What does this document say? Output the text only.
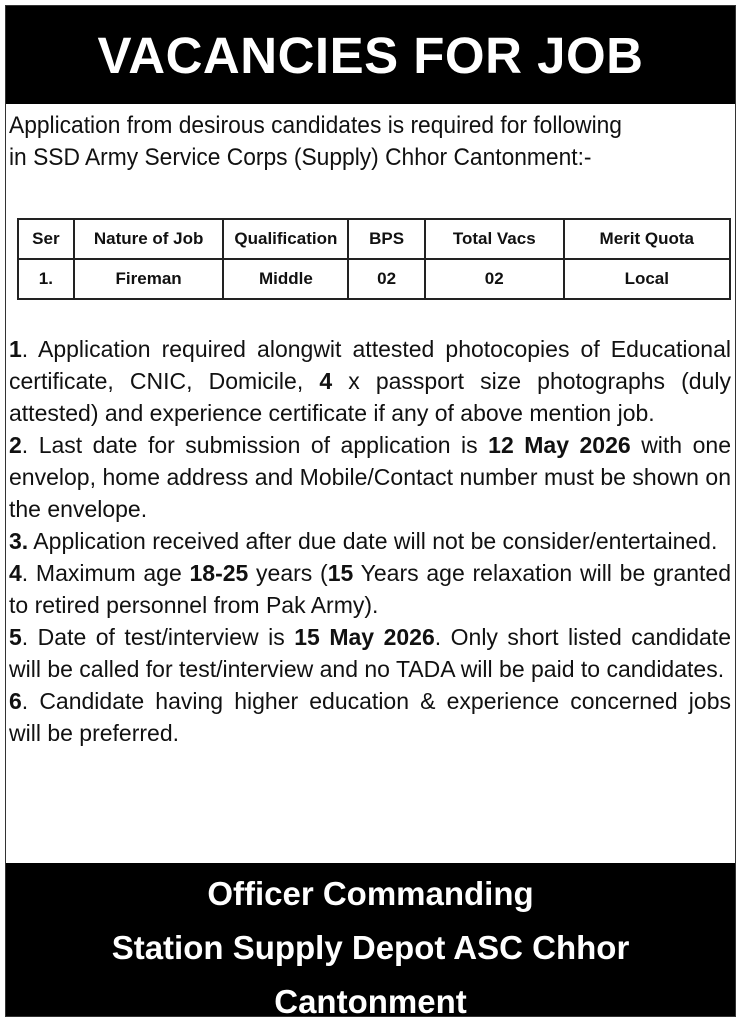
VACANCIES FOR JOB
Application from desirous candidates is required for following
in SSD Army Service Corps (Supply) Chhor Cantonment:-
Ser	Nature of Job	Qualification	BPS	Total Vacs	Merit Quota
1.	Fireman	Middle	02	02	Local

1. Application required alongwit attested photocopies of Educational certificate, CNIC, Domicile, 4 x passport size photographs (duly attested) and experience certificate if any of above mention job.

2. Last date for submission of application is 12 May 2026 with one envelop, home address and Mobile/Contact number must be shown on the envelope.

3. Application received after due date will not be consider/entertained.

4. Maximum age 18-25 years (15 Years age relaxation will be granted to retired personnel from Pak Army).

5. Date of test/interview is 15 May 2026. Only short listed candidate will be called for test/interview and no TADA will be paid to candidates.

6. Candidate having higher education & experience concerned jobs will be preferred.

Officer Commanding
Station Supply Depot ASC Chhor
Cantonment
